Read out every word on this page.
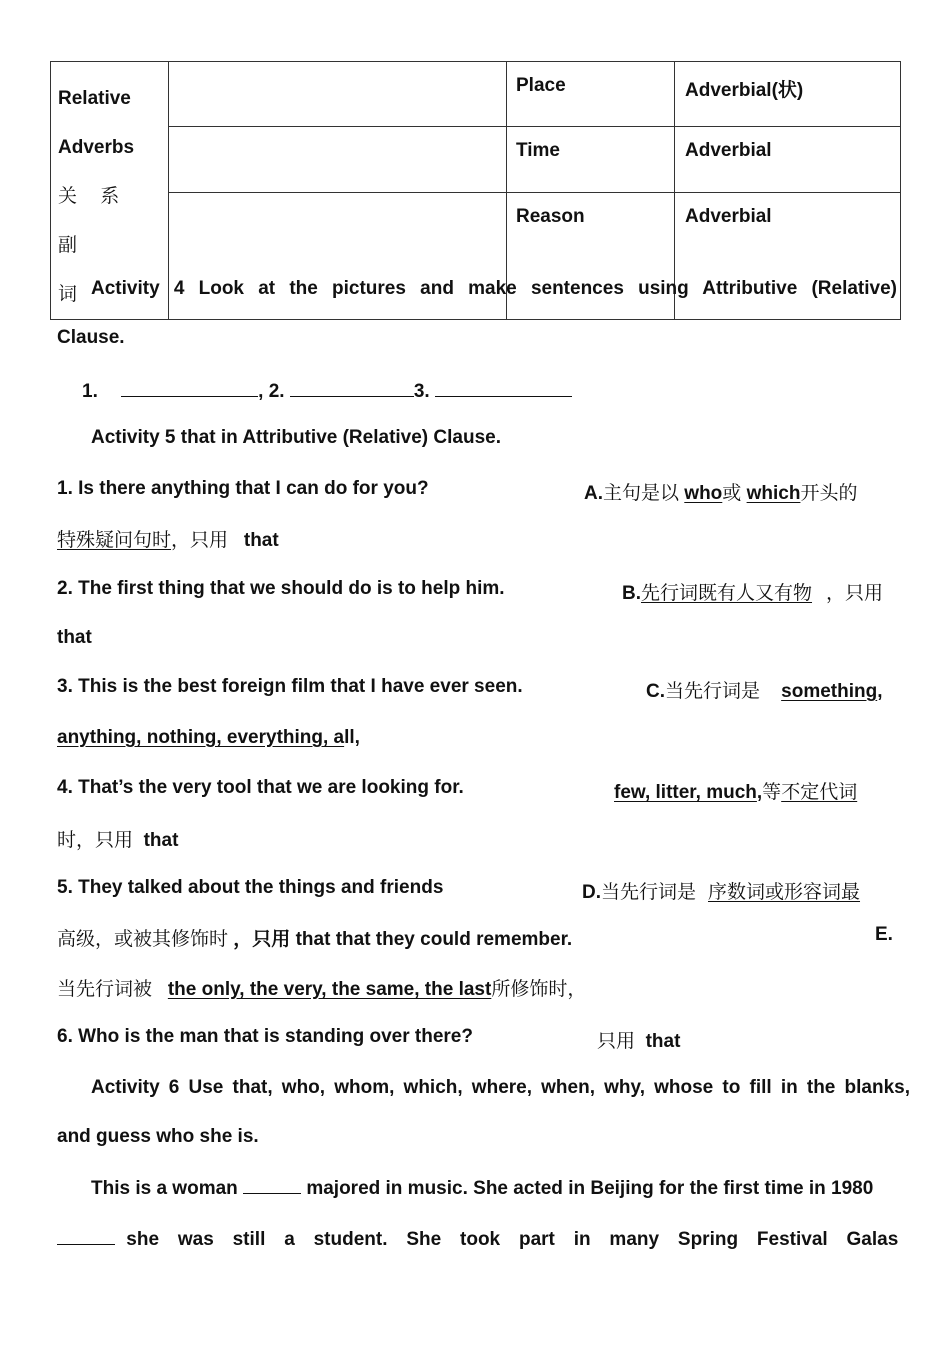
Relative
Adverbs
关 系 副
词		Place	Adverbial(状)
		Time	Adverbial
		Reason	Adverbial
Activity 4 Look at the pictures and make sentences using Attributive (Relative)
Clause.
1.	, 2.	3.
Activity 5 that in Attributive (Relative) Clause.
1. Is there anything that I can do for you?	A.主句是以 who或 which开头的
特殊疑问句时，只用 that
2. The first thing that we should do is to help him.	B.先行词既有人又有物 ，只用
that
3. This is the best foreign film that I have ever seen.	C.当先行词是 something,
anything, nothing, everything, all,
4. That’s the very tool that we are looking for.	few, litter, much,等不定代词
时，只用 that
5. They talked about the things and friends	D.当先行词是 序数词或形容词最
高级，或被其修饰时 ，只用 that that they could remember.	E.
当先行词被 the only, the very, the same, the last所修饰时，
6. Who is the man that is standing over there?	只用 that
Activity 6 Use that, who, whom, which, where, when, why, whose to fill in the blanks,
and guess who she is.
This is a woman	majored in music. She acted in Beijing for the first time in 1980
she was still a student. She took part in many Spring Festival Galas
